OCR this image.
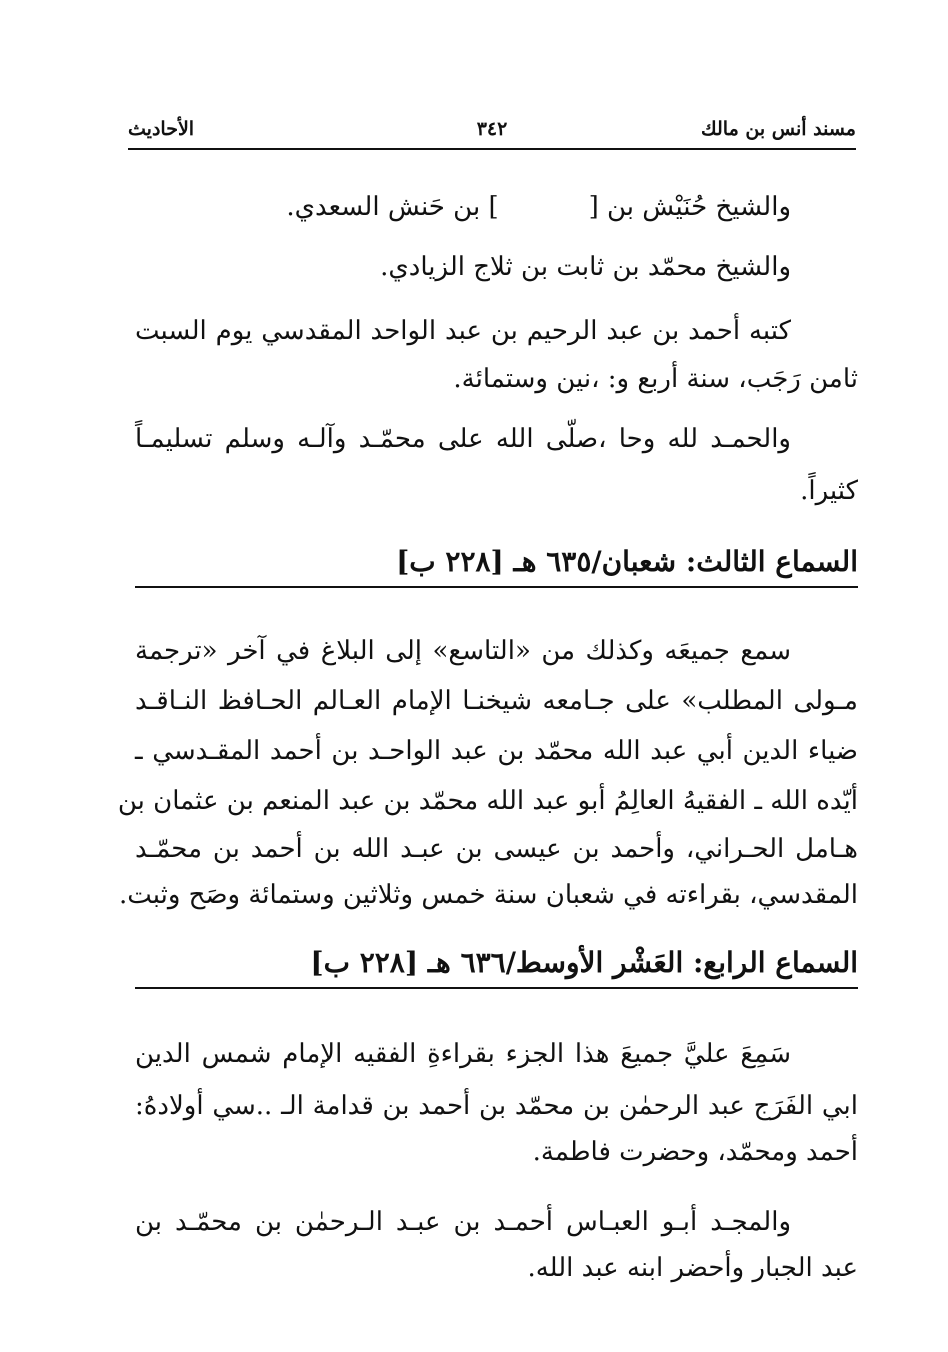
مسند أنس بن مالك
٣٤٢
الأحاديث
والشيخ حُنَيْش بن [] بن حَنش السعدي.
والشيخ محمّد بن ثابت بن ثلاج الزيادي.
كتبه أحمد بن عبد الرحيم بن عبد الواحد المقدسي يوم السبت
ثامن رَجَب، سنة أربع و: ،نين وستمائة.
والحمـد لله وحا ،صلّى الله على محمّـد وآلـه وسلم تسليمـاً
كثيراً.
السماع الثالث: شعبان/٦٣٥ هـ [٢٢٨ ب]
سمع جميعَه وكذلك من «التاسع» إلى البلاغ في آخر «ترجمة
مـولى المطلب» على جـامعه شيخنـا الإمام العـالم الحـافظ النـاقـد
ضياء الدين أبي عبد الله محمّد بن عبد الواحـد بن أحمد المقـدسي ـ
أيّده الله ـ الفقيهُ العالِمُ أبو عبد الله محمّد بن عبد المنعم بن عثمان بن
هـامل الحـراني، وأحمد بن عيسى بن عبـد الله بن أحمد بن محمّـد
المقدسي، بقراءته في شعبان سنة خمس وثلاثين وستمائة وصَح وثبت.
السماع الرابع: العَشْر الأوسط/٦٣٦ هـ [٢٢٨ ب]
سَمِعَ عليَّ جميعَ هذا الجزء بقراءةِ الفقيه الإمام شمس الدين
ابي الفَرَج عبد الرحمٰن بن محمّد بن أحمد بن قدامة الـ ..سي أولادهُ:
أحمد ومحمّد، وحضرت فاطمة.
والمجـد أبـو العبـاس أحمـد بن عبـد الـرحمٰن بن محمّـد بن
عبد الجبار وأحضر ابنه عبد الله.
